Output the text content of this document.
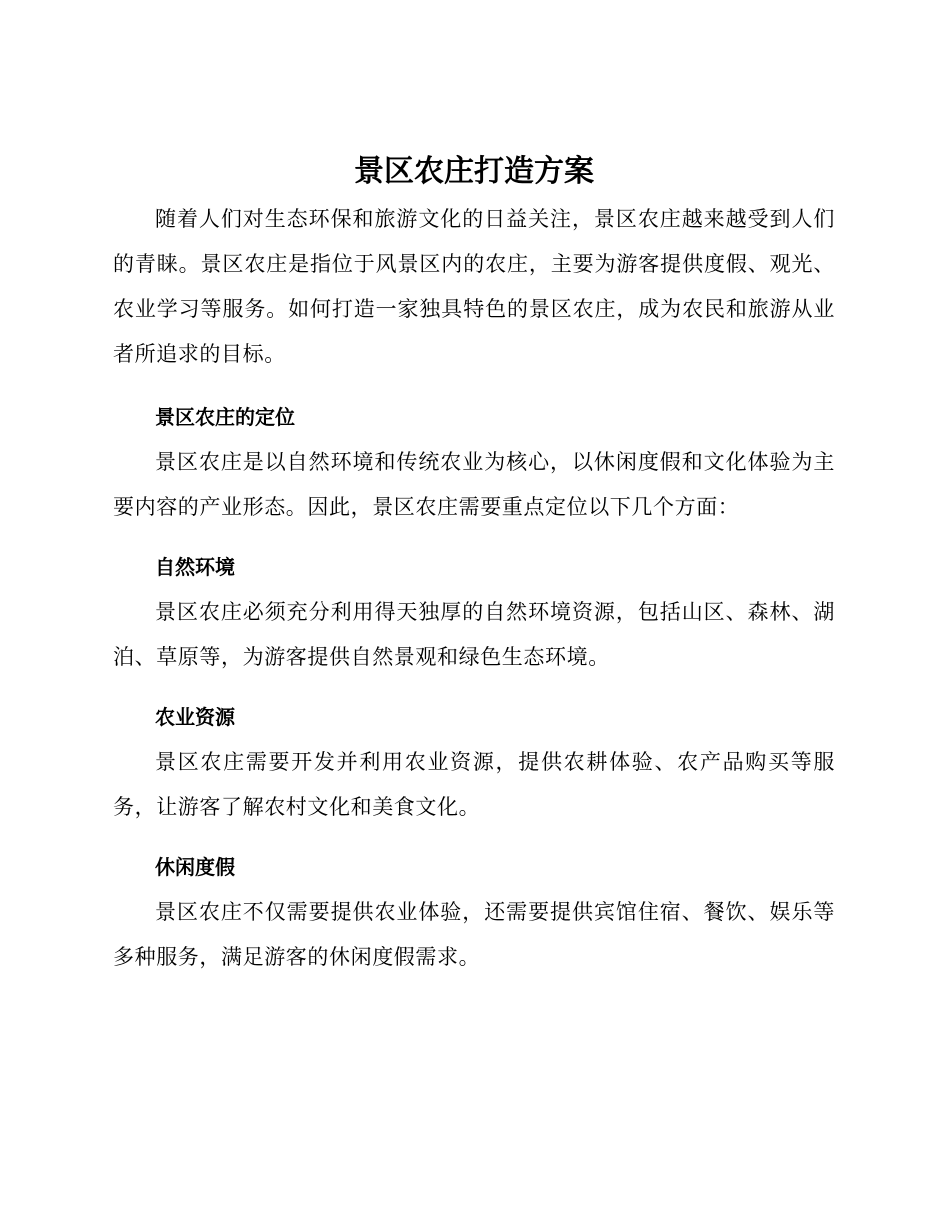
景区农庄打造方案

随着人们对生态环保和旅游文化的日益关注，景区农庄越来越受到人们的青睐。景区农庄是指位于风景区内的农庄，主要为游客提供度假、观光、农业学习等服务。如何打造一家独具特色的景区农庄，成为农民和旅游从业者所追求的目标。

景区农庄的定位

景区农庄是以自然环境和传统农业为核心，以休闲度假和文化体验为主要内容的产业形态。因此，景区农庄需要重点定位以下几个方面：

自然环境

景区农庄必须充分利用得天独厚的自然环境资源，包括山区、森林、湖泊、草原等，为游客提供自然景观和绿色生态环境。

农业资源

景区农庄需要开发并利用农业资源，提供农耕体验、农产品购买等服务，让游客了解农村文化和美食文化。

休闲度假

景区农庄不仅需要提供农业体验，还需要提供宾馆住宿、餐饮、娱乐等多种服务，满足游客的休闲度假需求。
